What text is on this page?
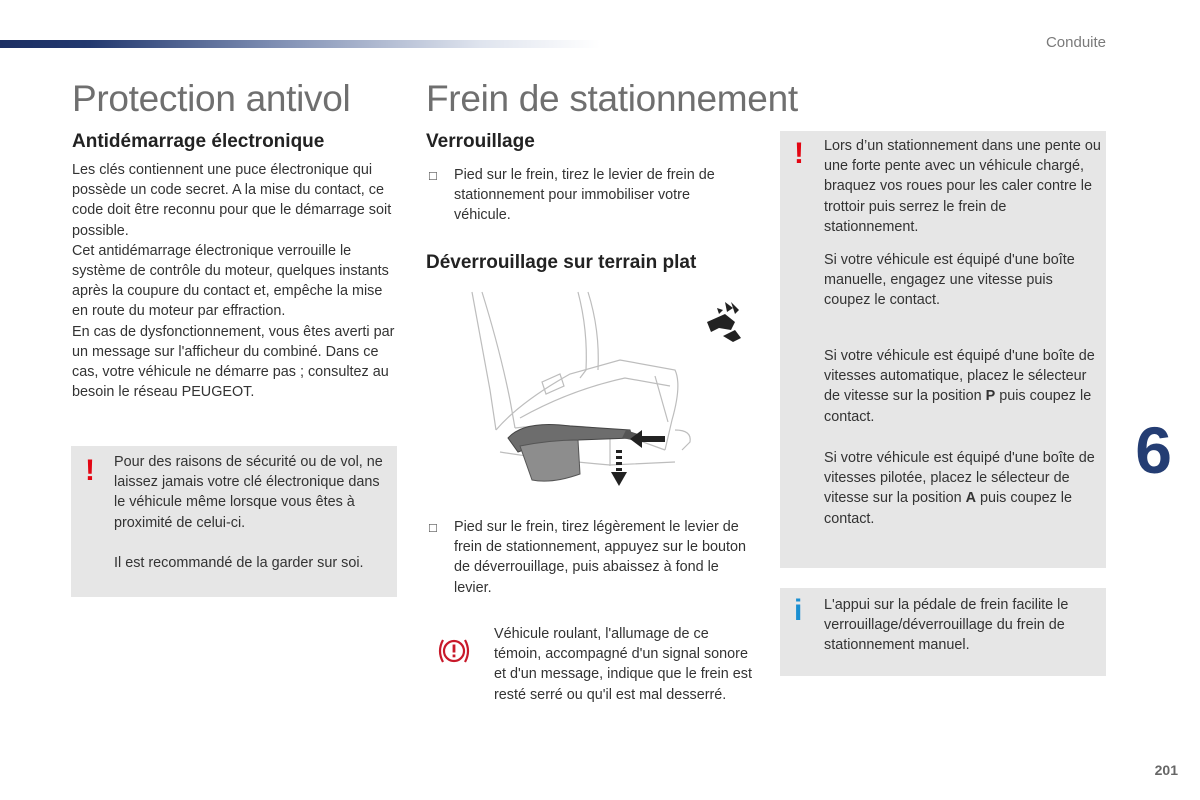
Conduite
Protection antivol
Antidémarrage électronique
Les clés contiennent une puce électronique qui possède un code secret. A la mise du contact, ce code doit être reconnu pour que le démarrage soit possible.
Cet antidémarrage électronique verrouille le système de contrôle du moteur, quelques instants après la coupure du contact et, empêche la mise en route du moteur par effraction.
En cas de dysfonctionnement, vous êtes averti par un message sur l'afficheur du combiné. Dans ce cas, votre véhicule ne démarre pas ; consultez au besoin le réseau PEUGEOT.
! Pour des raisons de sécurité ou de vol, ne laissez jamais votre clé électronique dans le véhicule même lorsque vous êtes à proximité de celui-ci.
Il est recommandé de la garder sur soi.
Frein de stationnement
Verrouillage
☐ Pied sur le frein, tirez le levier de frein de stationnement pour immobiliser votre véhicule.
Déverrouillage sur terrain plat
☐ Pied sur le frein, tirez légèrement le levier de frein de stationnement, appuyez sur le bouton de déverrouillage, puis abaissez à fond le levier.
Véhicule roulant, l'allumage de ce témoin, accompagné d'un signal sonore et d'un message, indique que le frein est resté serré ou qu'il est mal desserré.
! Lors d’un stationnement dans une pente ou une forte pente avec un véhicule chargé, braquez vos roues pour les caler contre le trottoir puis serrez le frein de stationnement.
Si votre véhicule est équipé d'une boîte manuelle, engagez une vitesse puis coupez le contact.
Si votre véhicule est équipé d'une boîte de vitesses automatique, placez le sélecteur de vitesse sur la position P puis coupez le contact.
Si votre véhicule est équipé d'une boîte de vitesses pilotée, placez le sélecteur de vitesse sur la position A puis coupez le contact.
i L'appui sur la pédale de frein facilite le verrouillage/déverrouillage du frein de stationnement manuel.
6
201
